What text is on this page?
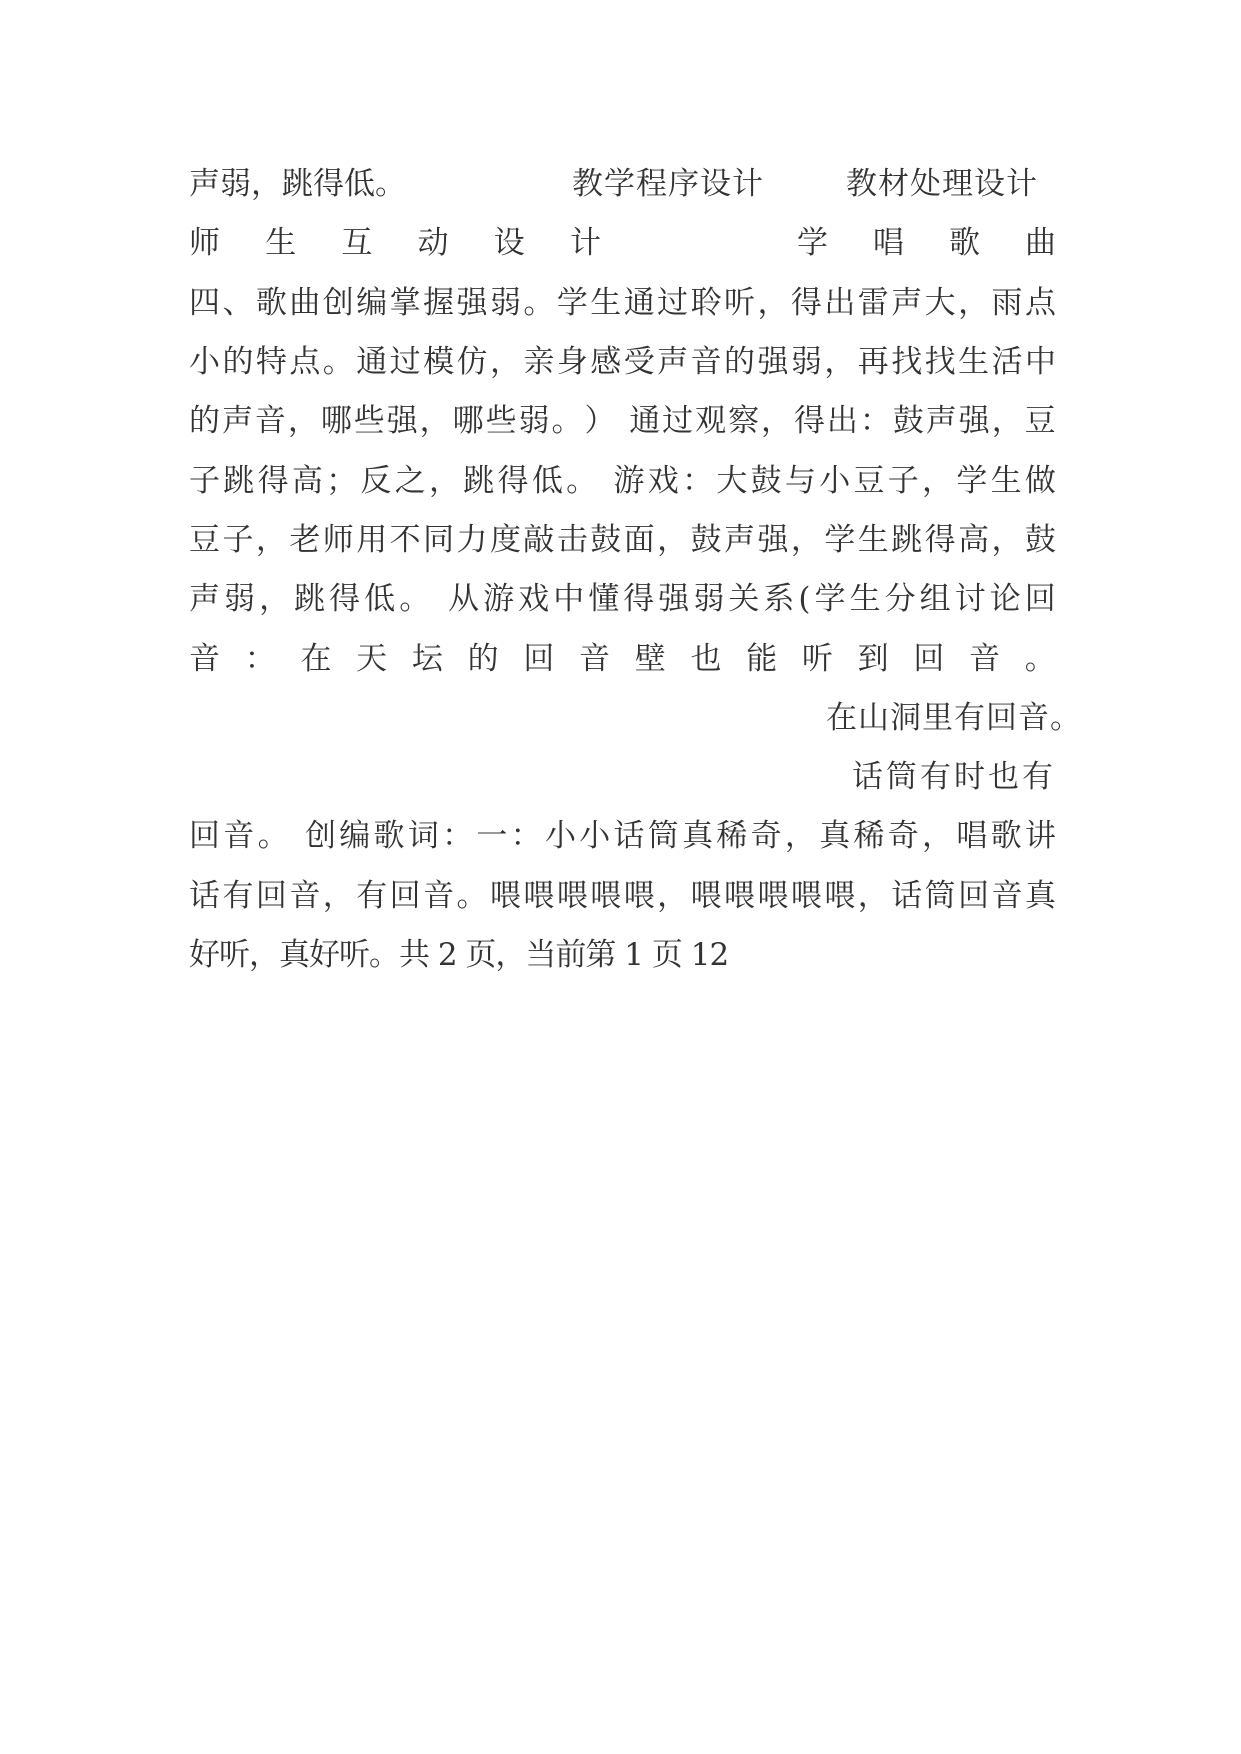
声弱，跳得低。	教学程序设计	教材处理设计
师 生 互 动 设 计	学 唱 歌 曲
四 、 歌 曲 创 编 掌 握 强 弱 。 学 生 通 过 聆 听 ， 得 出 雷 声 大 ， 雨 点
小 的 特 点 。 通 过 模 仿 ， 亲 身 感 受 声 音 的 强 弱 ， 再 找 找 生 活 中
的 声 音 ， 哪 些 强 ， 哪 些 弱 。 ）
通 过 观 察 ， 得 出 ： 鼓 声 强 ， 豆
子 跳 得 高 ； 反 之 ， 跳 得 低 。
游 戏 ： 大 鼓 与 小 豆 子 ， 学 生 做
豆 子 ， 老 师 用 不 同 力 度 敲 击 鼓 面 ， 鼓 声 强 ， 学 生 跳 得 高 ， 鼓
声 弱 ， 跳 得 低 。
从 游 戏 中 懂 得 强 弱 关 系 ( 学 生 分 组 讨 论 回
音 ： 在 天 坛 的 回 音 壁 也 能 听 到 回 音 。
在山洞里有回音。
话筒有时也有
回 音 。
创 编 歌 词 ： 一 ： 小 小 话 筒 真 稀 奇 ， 真 稀 奇 ， 唱 歌 讲
话 有 回 音 ， 有 回 音 。 喂 喂 喂 喂 喂 ， 喂 喂 喂 喂 喂 ， 话 筒 回 音 真
好听，真好听。共 2 页，当前第 1 页 12
